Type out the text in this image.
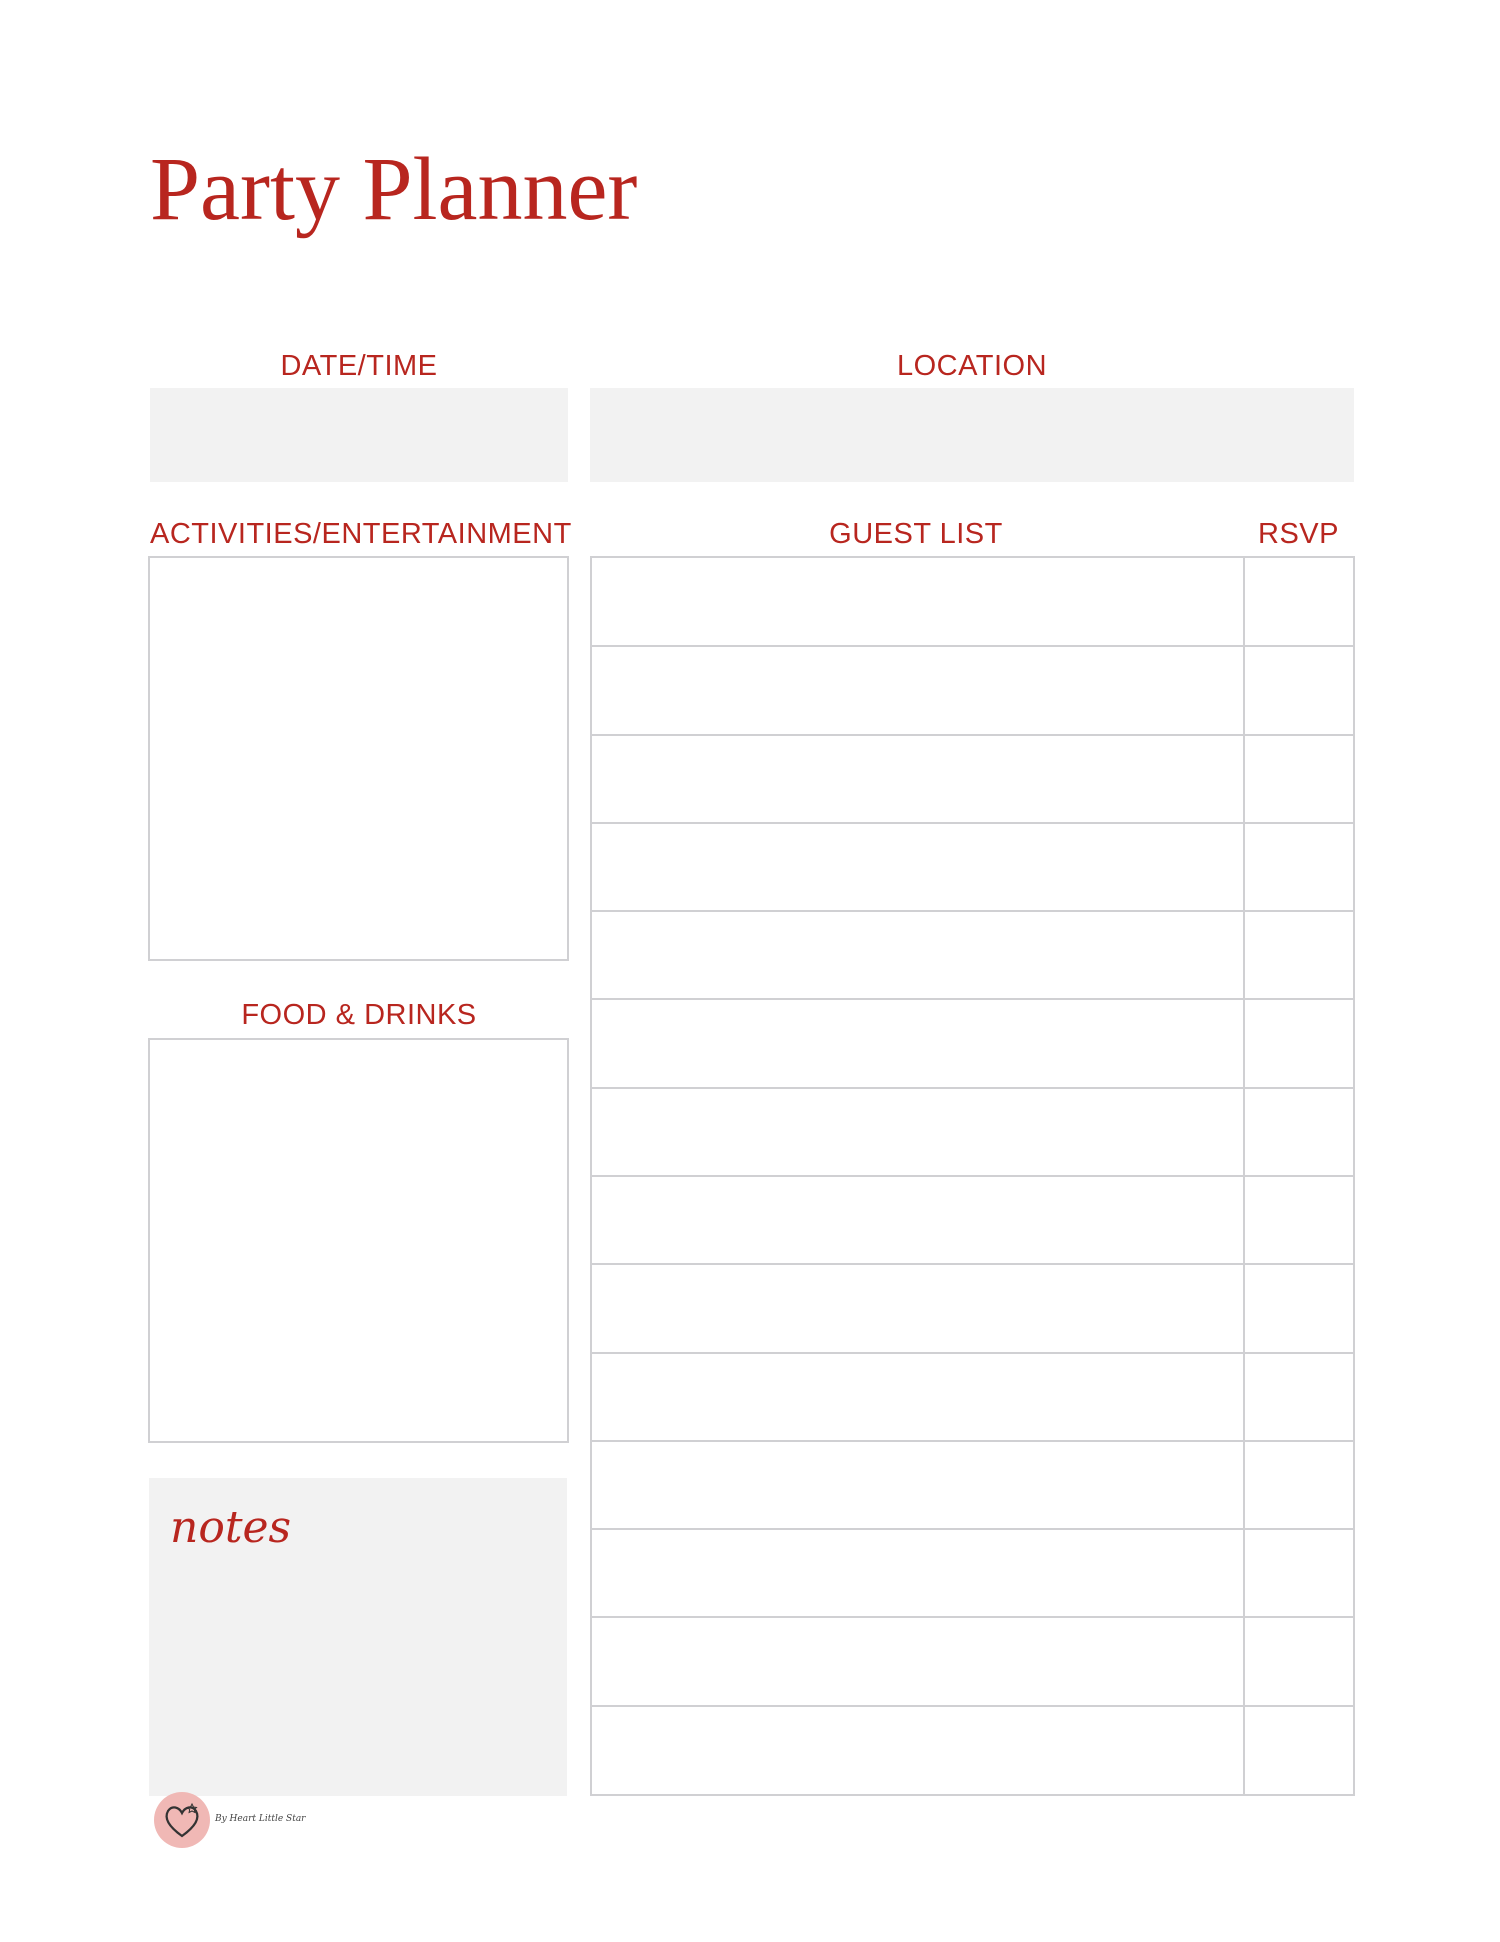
Party Planner
DATE/TIME	LOCATION
ACTIVITIES/ENTERTAINMENT	GUEST LIST	RSVP
FOOD & DRINKS
notes
By Heart Little Star
